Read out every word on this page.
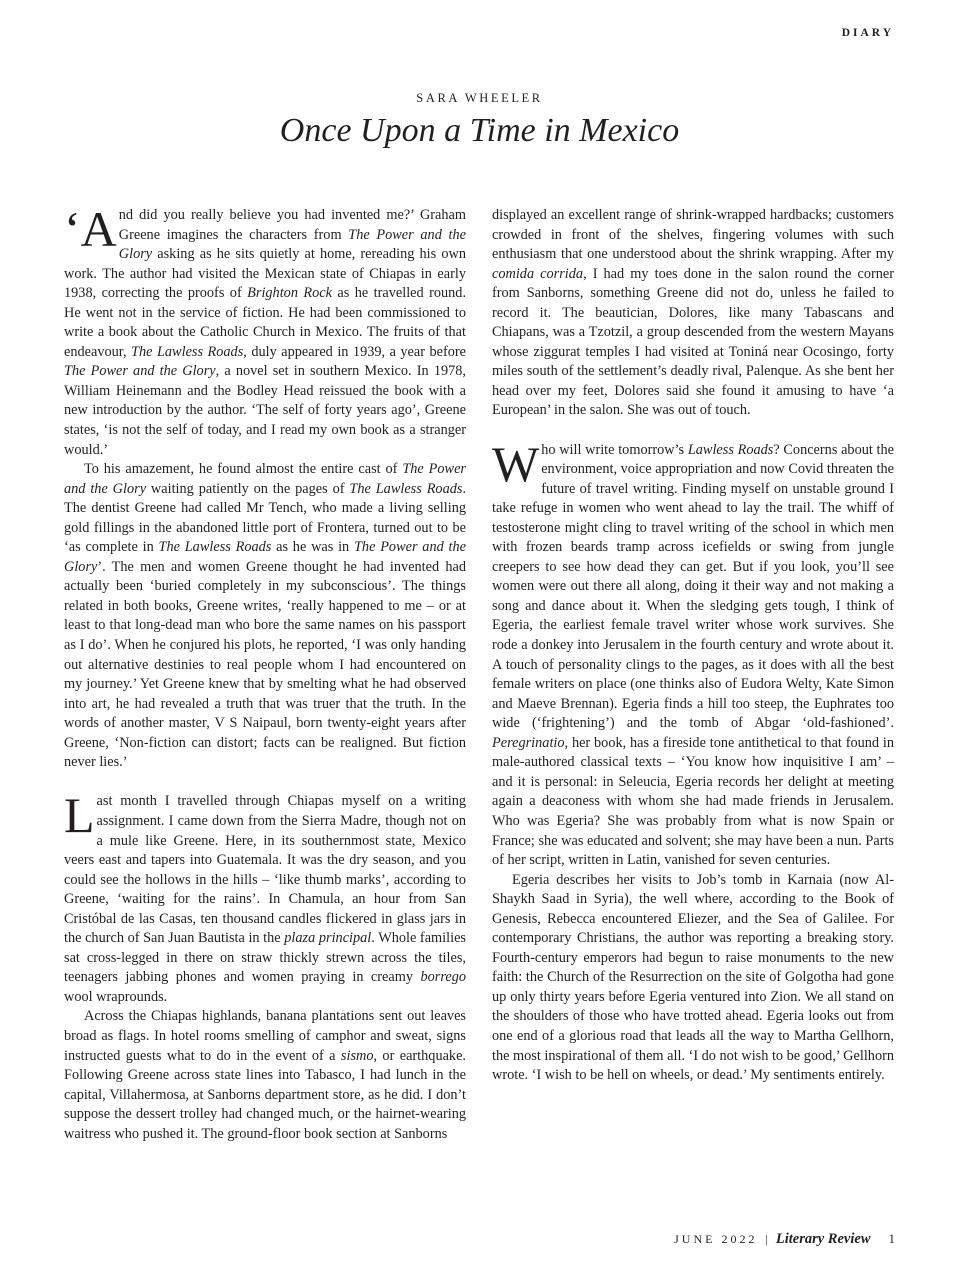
DIARY
SARA WHEELER
Once Upon a Time in Mexico

‘And did you really believe you had invented me?’ Graham Greene imagines the characters from The Power and the Glory asking as he sits quietly at home, rereading his own work. The author had visited the Mexican state of Chiapas in early 1938, correcting the proofs of Brighton Rock as he travelled round. He went not in the service of fiction. He had been commissioned to write a book about the Catholic Church in Mexico. The fruits of that endeavour, The Lawless Roads, duly appeared in 1939, a year before The Power and the Glory, a novel set in southern Mexico. In 1978, William Heinemann and the Bodley Head reissued the book with a new introduction by the author. ‘The self of forty years ago’, Greene states, ‘is not the self of today, and I read my own book as a stranger would.’

To his amazement, he found almost the entire cast of The Power and the Glory waiting patiently on the pages of The Lawless Roads. The dentist Greene had called Mr Tench, who made a living selling gold fillings in the abandoned little port of Frontera, turned out to be ‘as complete in The Lawless Roads as he was in The Power and the Glory’. The men and women Greene thought he had invented had actually been ‘buried completely in my subconscious’. The things related in both books, Greene writes, ‘really happened to me – or at least to that long-dead man who bore the same names on his passport as I do’. When he conjured his plots, he reported, ‘I was only handing out alternative destinies to real people whom I had encountered on my journey.’ Yet Greene knew that by smelting what he had observed into art, he had revealed a truth that was truer that the truth. In the words of another master, V S Naipaul, born twenty-eight years after Greene, ‘Non-fiction can distort; facts can be realigned. But fiction never lies.’

Last month I travelled through Chiapas myself on a writing assignment. I came down from the Sierra Madre, though not on a mule like Greene. Here, in its southernmost state, Mexico veers east and tapers into Guatemala. It was the dry season, and you could see the hollows in the hills – ‘like thumb marks’, according to Greene, ‘waiting for the rains’. In Chamula, an hour from San Cristóbal de las Casas, ten thousand candles flickered in glass jars in the church of San Juan Bautista in the plaza principal. Whole families sat cross-legged in there on straw thickly strewn across the tiles, teenagers jabbing phones and women praying in creamy borrego wool wraprounds.

Across the Chiapas highlands, banana plantations sent out leaves broad as flags. In hotel rooms smelling of camphor and sweat, signs instructed guests what to do in the event of a sismo, or earthquake. Following Greene across state lines into Tabasco, I had lunch in the capital, Villahermosa, at Sanborns department store, as he did. I don’t suppose the dessert trolley had changed much, or the hairnet-wearing waitress who pushed it. The ground-floor book section at Sanborns

displayed an excellent range of shrink-wrapped hardbacks; customers crowded in front of the shelves, fingering volumes with such enthusiasm that one understood about the shrink wrapping. After my comida corrida, I had my toes done in the salon round the corner from Sanborns, something Greene did not do, unless he failed to record it. The beautician, Dolores, like many Tabascans and Chiapans, was a Tzotzil, a group descended from the western Mayans whose ziggurat temples I had visited at Toniná near Ocosingo, forty miles south of the settlement’s deadly rival, Palenque. As she bent her head over my feet, Dolores said she found it amusing to have ‘a European’ in the salon. She was out of touch.

Who will write tomorrow’s Lawless Roads? Concerns about the environment, voice appropriation and now Covid threaten the future of travel writing. Finding myself on unstable ground I take refuge in women who went ahead to lay the trail. The whiff of testosterone might cling to travel writing of the school in which men with frozen beards tramp across icefields or swing from jungle creepers to see how dead they can get. But if you look, you’ll see women were out there all along, doing it their way and not making a song and dance about it. When the sledging gets tough, I think of Egeria, the earliest female travel writer whose work survives. She rode a donkey into Jerusalem in the fourth century and wrote about it. A touch of personality clings to the pages, as it does with all the best female writers on place (one thinks also of Eudora Welty, Kate Simon and Maeve Brennan). Egeria finds a hill too steep, the Euphrates too wide (‘frightening’) and the tomb of Abgar ‘old-fashioned’. Peregrinatio, her book, has a fireside tone antithetical to that found in male-authored classical texts – ‘You know how inquisitive I am’ – and it is personal: in Seleucia, Egeria records her delight at meeting again a deaconess with whom she had made friends in Jerusalem. Who was Egeria? She was probably from what is now Spain or France; she was educated and solvent; she may have been a nun. Parts of her script, written in Latin, vanished for seven centuries.

Egeria describes her visits to Job’s tomb in Karnaia (now Al-Shaykh Saad in Syria), the well where, according to the Book of Genesis, Rebecca encountered Eliezer, and the Sea of Galilee. For contemporary Christians, the author was reporting a breaking story. Fourth-century emperors had begun to raise monuments to the new faith: the Church of the Resurrection on the site of Golgotha had gone up only thirty years before Egeria ventured into Zion. We all stand on the shoulders of those who have trotted ahead. Egeria looks out from one end of a glorious road that leads all the way to Martha Gellhorn, the most inspirational of them all. ‘I do not wish to be good,’ Gellhorn wrote. ‘I wish to be hell on wheels, or dead.’ My sentiments entirely.

JUNE 2022 | Literary Review 1
